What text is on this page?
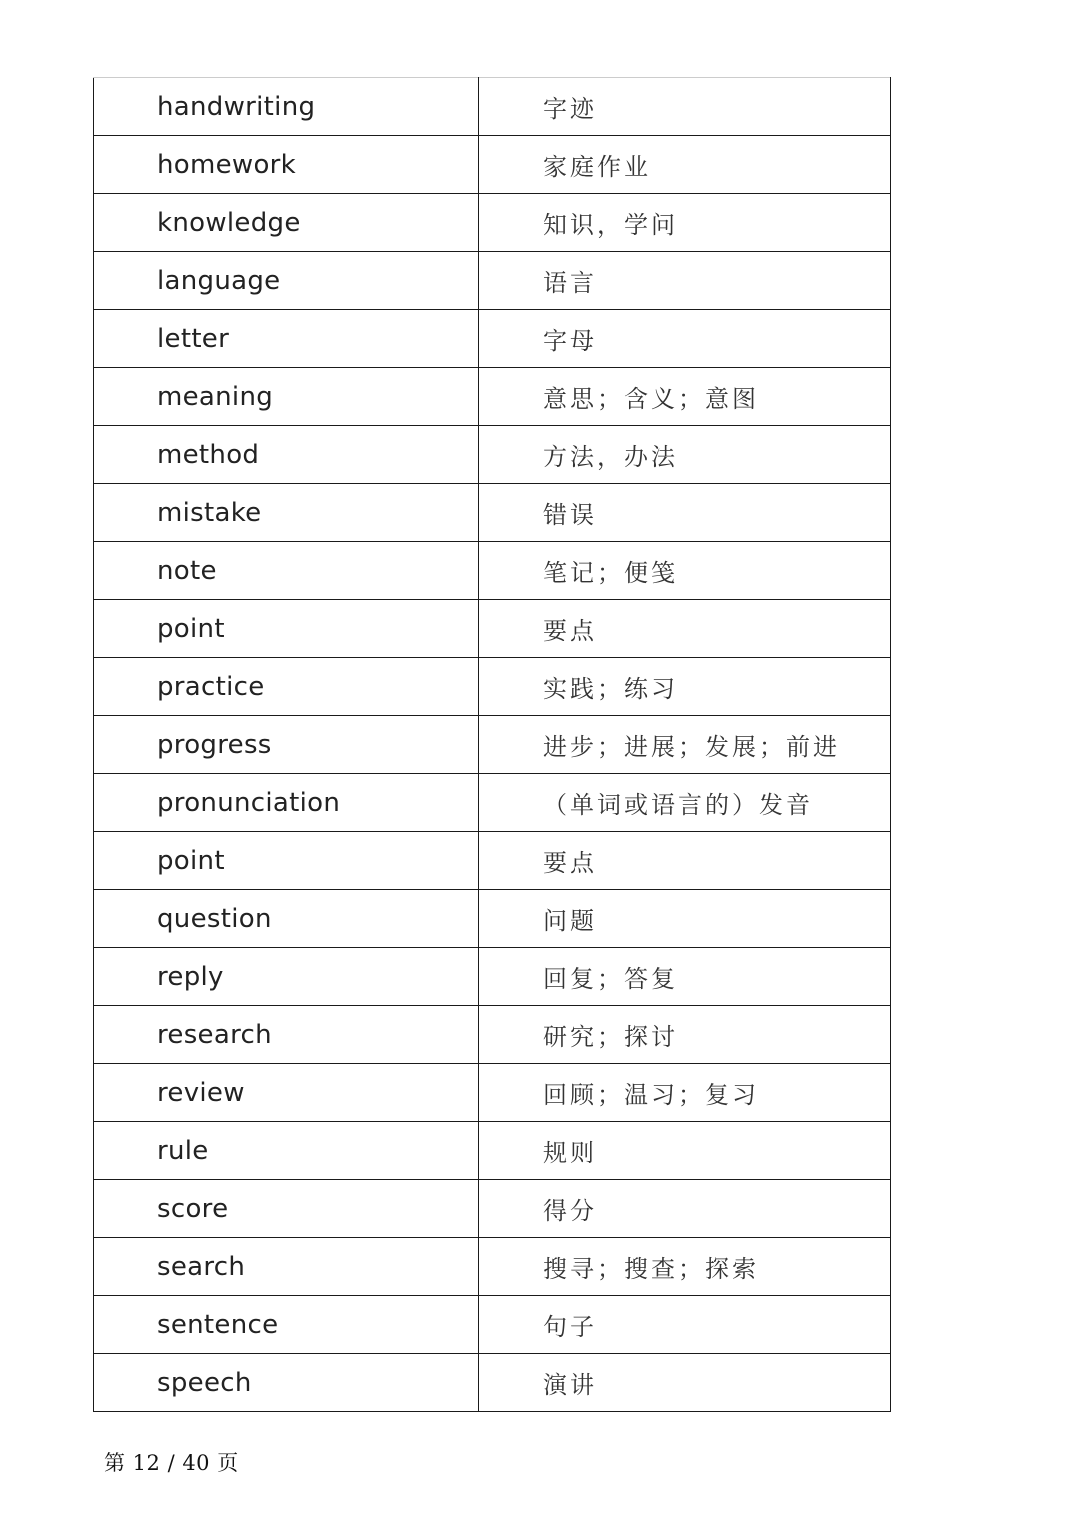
handwriting	字迹
homework	家庭作业
knowledge	知识，学问
language	语言
letter	字母
meaning	意思；含义；意图
method	方法，办法
mistake	错误
note	笔记；便笺
point	要点
practice	实践；练习
progress	进步；进展；发展；前进
pronunciation	（单词或语言的）发音
point	要点
question	问题
reply	回复；答复
research	研究；探讨
review	回顾；温习；复习
rule	规则
score	得分
search	搜寻；搜查；探索
sentence	句子
speech	演讲
第 12 / 40 页
